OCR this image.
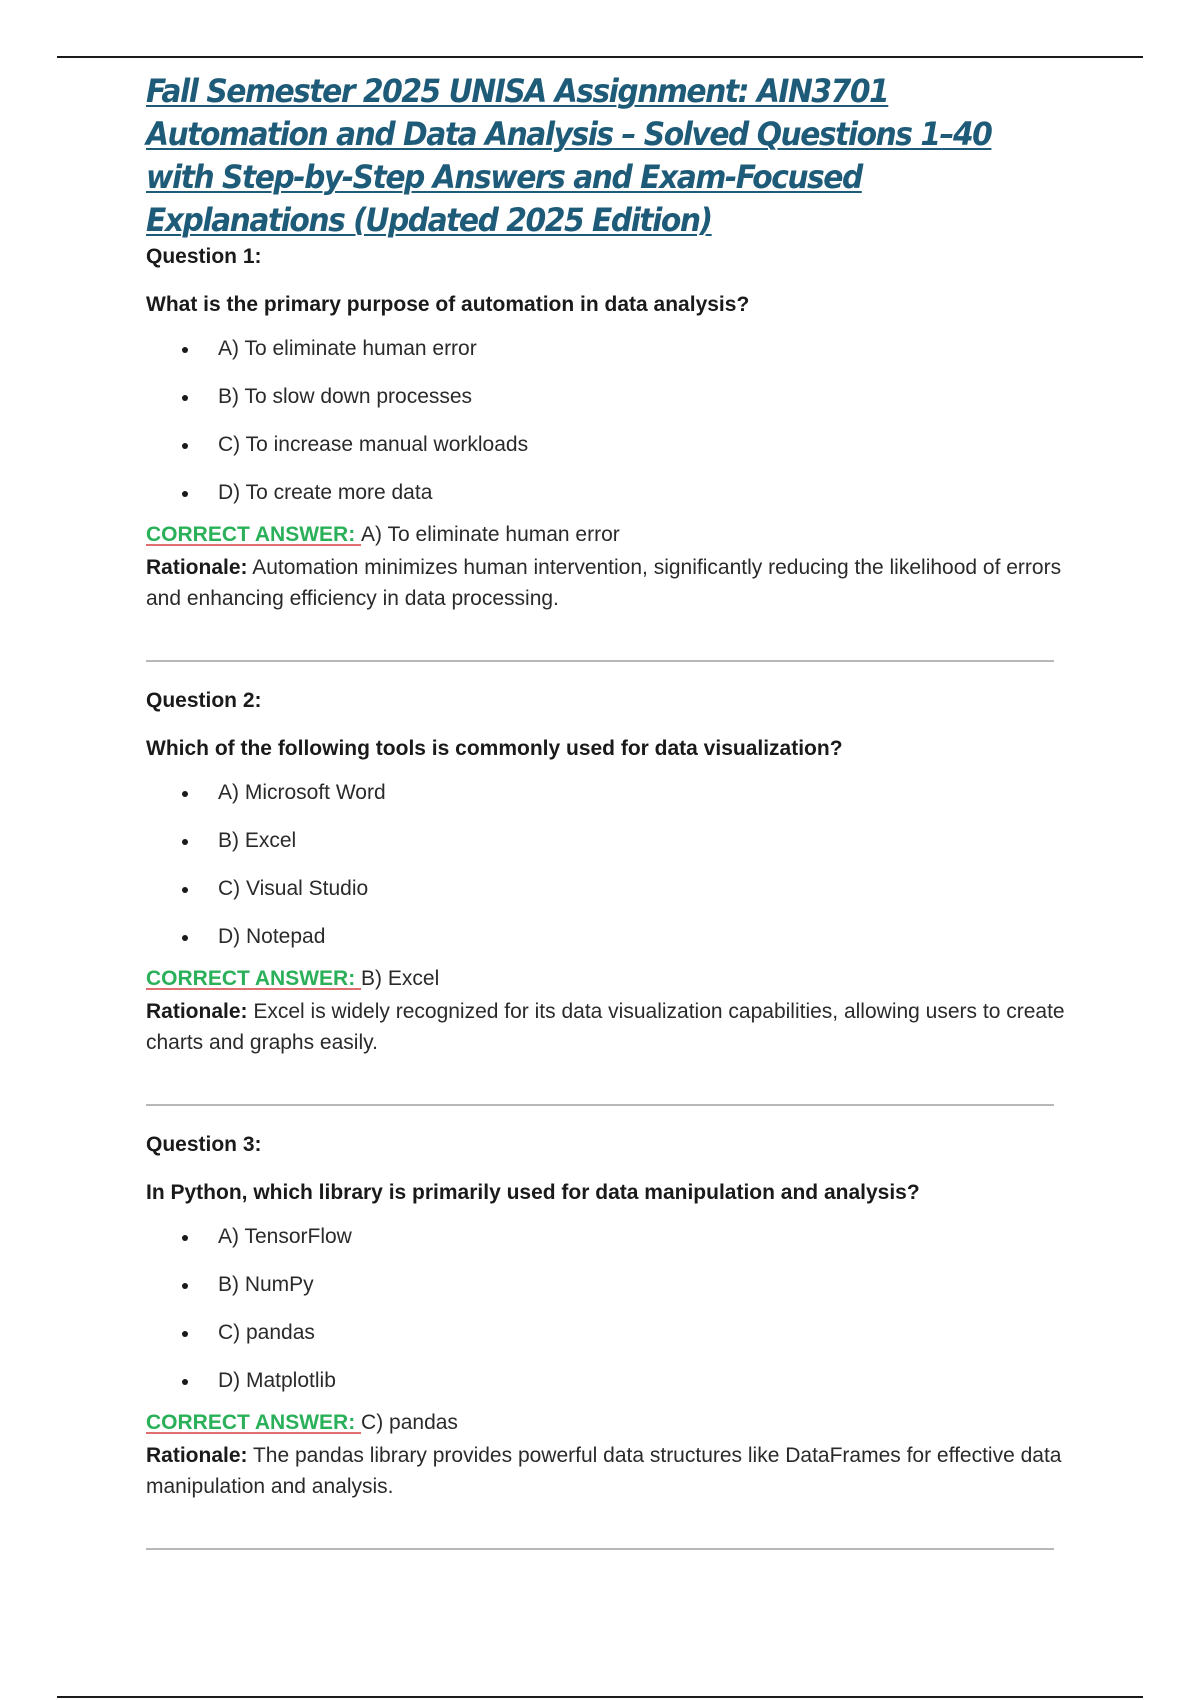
Fall Semester 2025 UNISA Assignment: AIN3701 Automation and Data Analysis – Solved Questions 1–40 with Step-by-Step Answers and Exam-Focused Explanations (Updated 2025 Edition)

Question 1:

What is the primary purpose of automation in data analysis?

A) To eliminate human error
B) To slow down processes
C) To increase manual workloads
D) To create more data

CORRECT ANSWER: A) To eliminate human error

Rationale: Automation minimizes human intervention, significantly reducing the likelihood of errors and enhancing efficiency in data processing.

Question 2:

Which of the following tools is commonly used for data visualization?

A) Microsoft Word
B) Excel
C) Visual Studio
D) Notepad

CORRECT ANSWER: B) Excel

Rationale: Excel is widely recognized for its data visualization capabilities, allowing users to create charts and graphs easily.

Question 3:

In Python, which library is primarily used for data manipulation and analysis?

A) TensorFlow
B) NumPy
C) pandas
D) Matplotlib

CORRECT ANSWER: C) pandas

Rationale: The pandas library provides powerful data structures like DataFrames for effective data manipulation and analysis.
